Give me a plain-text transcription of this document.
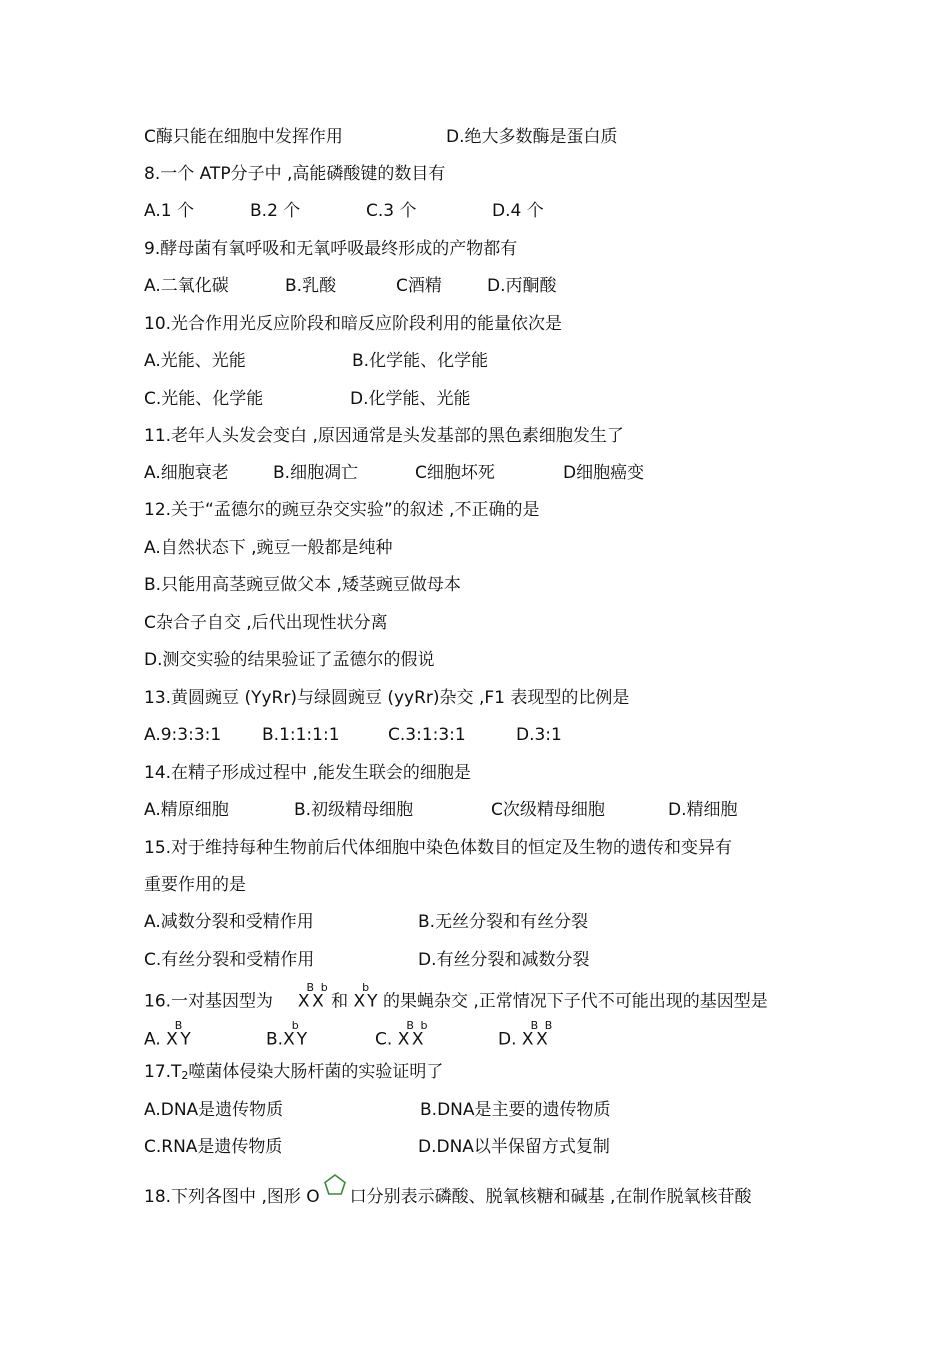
C酶只能在细胞中发挥作用	D.绝大多数酶是蛋白质
8.一个 ATP分子中 ,高能磷酸键的数目有
A.1 个	B.2 个	C.3 个	D.4 个
9.酵母菌有氧呼吸和无氧呼吸最终形成的产物都有
A.二氧化碳	B.乳酸	C酒精	D.丙酮酸
10.光合作用光反应阶段和暗反应阶段利用的能量依次是
A.光能、光能	B.化学能、化学能
C.光能、化学能	D.化学能、光能
11.老年人头发会变白 ,原因通常是头发基部的黑色素细胞发生了
A.细胞衰老	B.细胞凋亡	C细胞坏死	D细胞癌变
12.关于“孟德尔的豌豆杂交实验”的叙述 ,不正确的是
A.自然状态下 ,豌豆一般都是纯种
B.只能用高茎豌豆做父本 ,矮茎豌豆做母本
C杂合子自交 ,后代出现性状分离
D.测交实验的结果验证了孟德尔的假说
13.黄圆豌豆 (YyRr)与绿圆豌豆 (yyRr)杂交 ,F1 表现型的比例是
A.9:3:3:1 B.1:1:1:1	C.3:1:3:1	D.3:1
14.在精子形成过程中 ,能发生联会的细胞是
A.精原细胞	B.初级精母细胞	C次级精母细胞	D.精细胞
15.对于维持每种生物前后代体细胞中染色体数目的恒定及生物的遗传和变异有
重要作用的是
A.减数分裂和受精作用	B.无丝分裂和有丝分裂
C.有丝分裂和受精作用	D.有丝分裂和减数分裂
16.一对基因型为 $X^BX^b$ 和 $X^bY$ 的果蝇杂交 ,正常情况下子代不可能出现的基因型是
A. $X^BY$	$B.X^bY$	C. $X^BX^b$
D. $X^BX^B$
17.T2噬菌体侵染大肠杆菌的实验证明了
A.DNA是遗传物质	B.DNA是主要的遗传物质
C.RNA是遗传物质	D.DNA以半保留方式复制
18.下列各图中 ,图形 O 口分别表示磷酸、脱氧核糖和碱基 ,在制作脱氧核苷酸
